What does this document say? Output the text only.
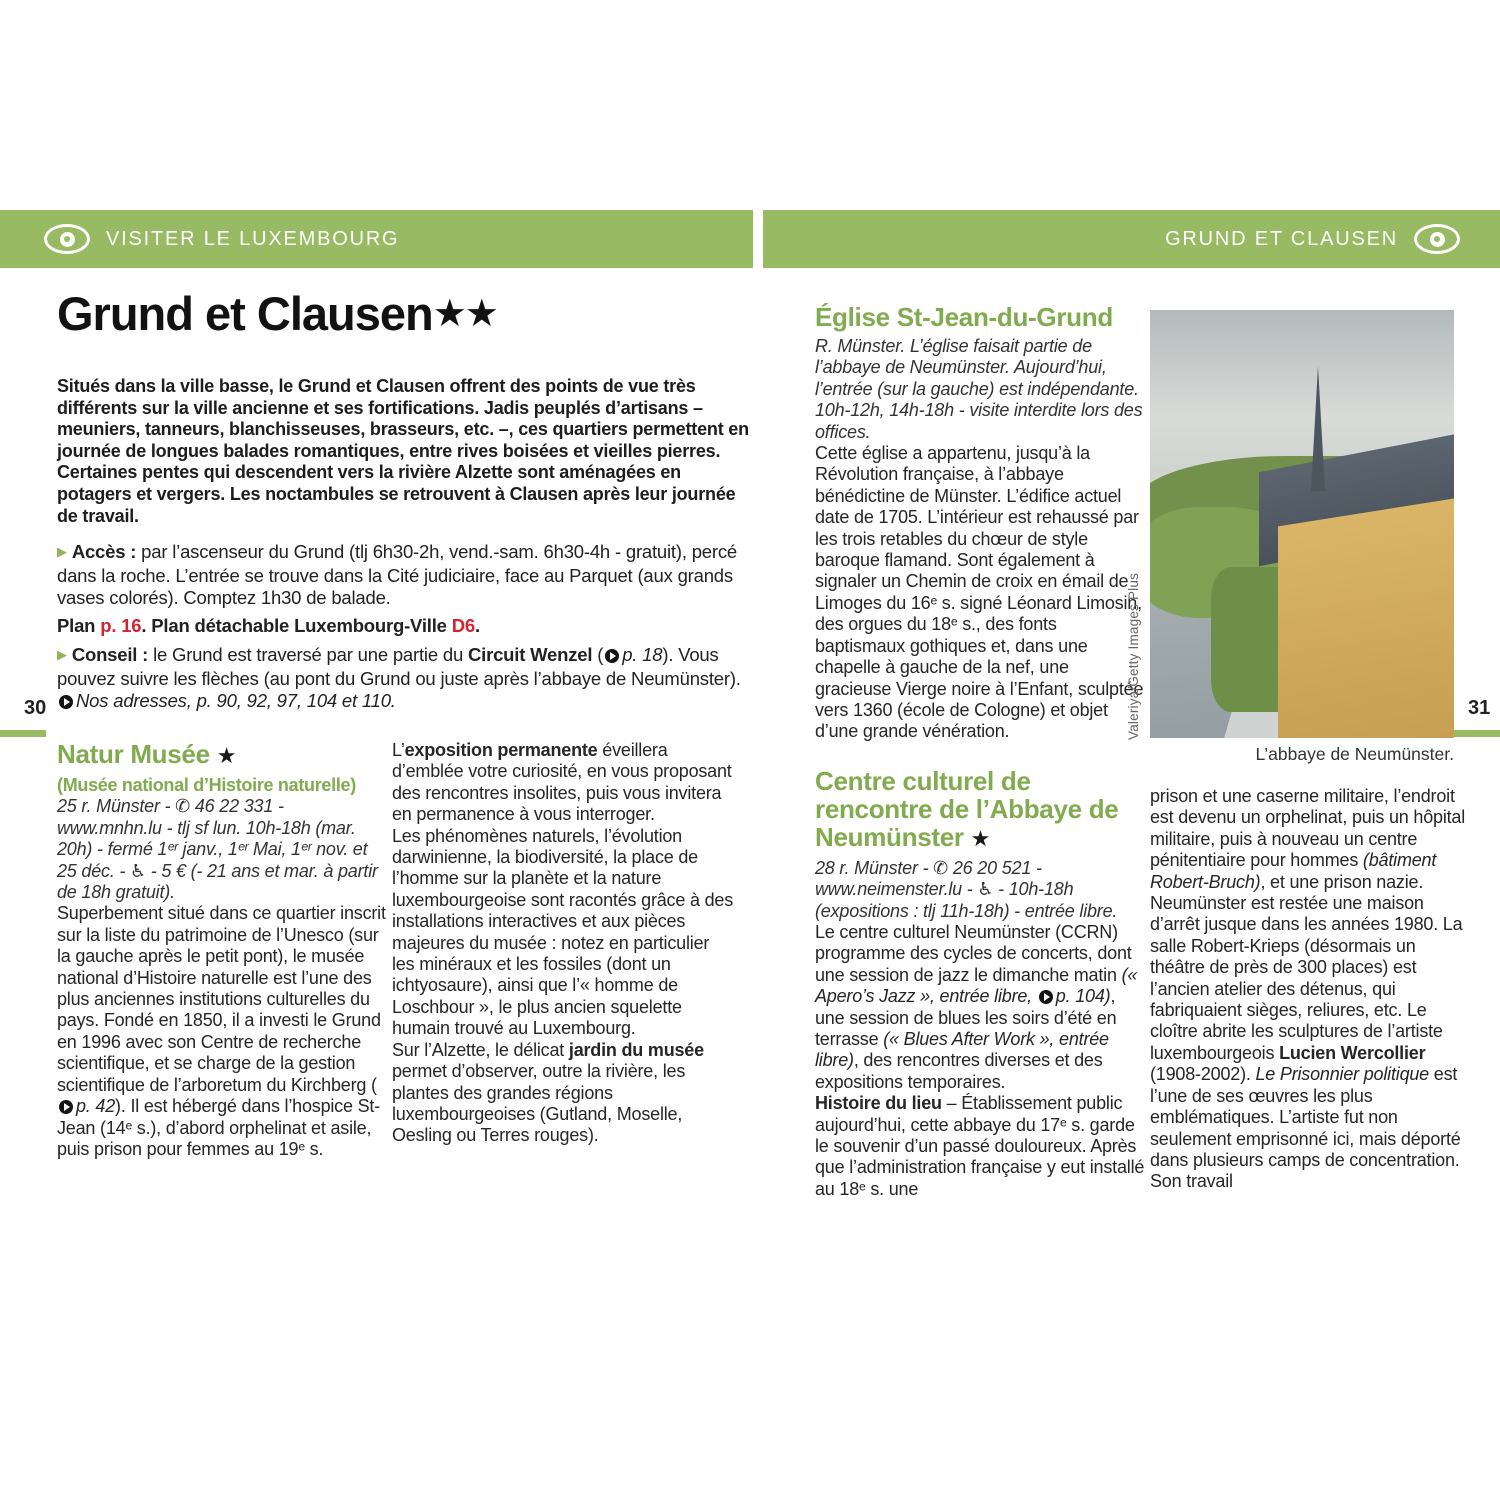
VISITER LE LUXEMBOURG	GRUND ET CLAUSEN
Grund et Clausen★★
Situés dans la ville basse, le Grund et Clausen offrent des points de vue très différents sur la ville ancienne et ses fortifications. Jadis peuplés d’artisans – meuniers, tanneurs, blanchisseuses, brasseurs, etc. –, ces quartiers permettent en journée de longues balades romantiques, entre rives boisées et vieilles pierres. Certaines pentes qui descendent vers la rivière Alzette sont aménagées en potagers et vergers. Les noctambules se retrouvent à Clausen après leur journée de travail.

▶ Accès : par l’ascenseur du Grund (tlj 6h30-2h, vend.-sam. 6h30-4h - gratuit), percé dans la roche. L’entrée se trouve dans la Cité judiciaire, face au Parquet (aux grands vases colorés). Comptez 1h30 de balade.

Plan p. 16. Plan détachable Luxembourg-Ville D6.

▶ Conseil : le Grund est traversé par une partie du Circuit Wenzel ( p. 18). Vous pouvez suivre les flèches (au pont du Grund ou juste après l’abbaye de Neumünster).

Nos adresses, p. 90, 92, 97, 104 et 110.

30	31
Natur Musée ★

(Musée national d’Histoire naturelle)

25 r. Münster - ✆ 46 22 331 - www.mnhn.lu - tlj sf lun. 10h-18h (mar. 20h) - fermé 1ᵉʳ janv., 1ᵉʳ Mai, 1ᵉʳ nov. et 25 déc. - ♿ - 5 € (- 21 ans et mar. à partir de 18h gratuit).

Superbement situé dans ce quartier inscrit sur la liste du patrimoine de l’Unesco (sur la gauche après le petit pont), le musée national d’Histoire naturelle est l’une des plus anciennes institutions culturelles du pays. Fondé en 1850, il a investi le Grund en 1996 avec son Centre de recherche scientifique, et se charge de la gestion scientifique de l’arboretum du Kirchberg (p. 42). Il est hébergé dans l’hospice St-Jean (14ᵉ s.), d’abord orphelinat et asile, puis prison pour femmes au 19ᵉ s.

L’exposition permanente éveillera d’emblée votre curiosité, en vous proposant des rencontres insolites, puis vous invitera en permanence à vous interroger.

Les phénomènes naturels, l’évolution darwinienne, la biodiversité, la place de l’homme sur la planète et la nature luxembourgeoise sont racontés grâce à des installations interactives et aux pièces majeures du musée : notez en particulier les minéraux et les fossiles (dont un ichtyosaure), ainsi que l’« homme de Loschbour », le plus ancien squelette humain trouvé au Luxembourg.

Sur l’Alzette, le délicat jardin du musée permet d’observer, outre la rivière, les plantes des grandes régions luxembourgeoises (Gutland, Moselle, Oesling ou Terres rouges).

Église St-Jean-du-Grund

R. Münster. L’église faisait partie de l’abbaye de Neumünster. Aujourd’hui, l’entrée (sur la gauche) est indépendante. 10h-12h, 14h-18h - visite interdite lors des offices.

Cette église a appartenu, jusqu’à la Révolution française, à l’abbaye bénédictine de Münster. L’édifice actuel date de 1705. L’intérieur est rehaussé par les trois retables du chœur de style baroque flamand. Sont également à signaler un Chemin de croix en émail de Limoges du 16ᵉ s. signé Léonard Limosin, des orgues du 18ᵉ s., des fonts baptismaux gothiques et, dans une chapelle à gauche de la nef, une gracieuse Vierge noire à l’Enfant, sculptée vers 1360 (école de Cologne) et objet d’une grande vénération.

Centre culturel de rencontre de l’Abbaye de Neumünster ★

28 r. Münster - ✆ 26 20 521 - www.neimenster.lu - ♿ - 10h-18h (expositions : tlj 11h-18h) - entrée libre.

Le centre culturel Neumünster (CCRN) programme des cycles de concerts, dont une session de jazz le dimanche matin (« Apero’s Jazz », entrée libre, p. 104), une session de blues les soirs d’été en terrasse (« Blues After Work », entrée libre), des rencontres diverses et des expositions temporaires.

Histoire du lieu – Établissement public aujourd’hui, cette abbaye du 17ᵉ s. garde le souvenir d’un passé douloureux. Après que l’administration française y eut installé au 18ᵉ s. une

Valeriya/Getty Images Plus
L’abbaye de Neumünster.

prison et une caserne militaire, l’endroit est devenu un orphelinat, puis un hôpital militaire, puis à nouveau un centre pénitentiaire pour hommes (bâtiment Robert-Bruch), et une prison nazie. Neumünster est restée une maison d’arrêt jusque dans les années 1980. La salle Robert-Krieps (désormais un théâtre de près de 300 places) est l’ancien atelier des détenus, qui fabriquaient sièges, reliures, etc. Le cloître abrite les sculptures de l’artiste luxembourgeois Lucien Wercollier (1908-2002). Le Prisonnier politique est l’une de ses œuvres les plus emblématiques. L’artiste fut non seulement emprisonné ici, mais déporté dans plusieurs camps de concentration. Son travail
